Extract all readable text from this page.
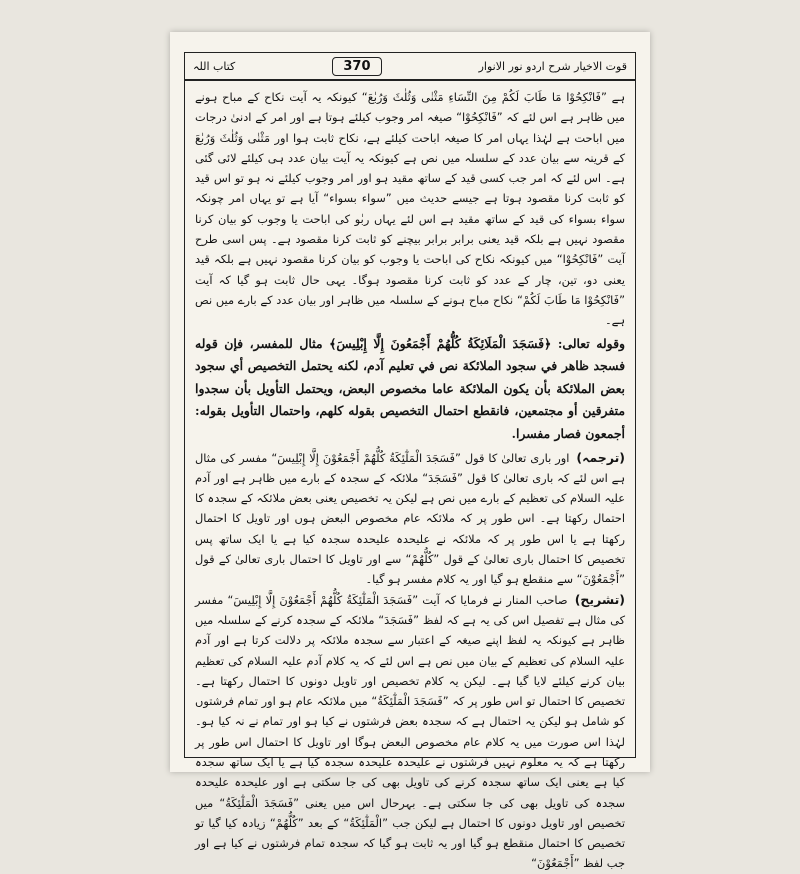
کتاب اللہ	370	قوت الاخیار شرح اردو نور الانوار

ہے ”فَانْکِحُوْا مَا طَابَ لَکُمْ مِنَ النِّسَاءِ مَثْنٰی وَثُلٰثَ وَرُبٰعَ“ کیونکہ یہ آیت نکاح کے مباح ہونے میں ظاہر ہے اس لئے کہ ”فَانْکِحُوْا“ صیغہ امر وجوب کیلئے ہوتا ہے اور امر کے ادنیٰ درجات میں اباحت ہے لہٰذا یہاں امر کا صیغہ اباحت کیلئے ہے، نکاح ثابت ہوا اور مَثْنٰی وَثُلٰثَ وَرُبٰعَ کے قرینہ سے بیان عدد کے سلسلہ میں نص ہے کیونکہ یہ آیت بیان عدد ہی کیلئے لائی گئی ہے۔ اس لئے کہ امر جب کسی قید کے ساتھ مقید ہو اور امر وجوب کیلئے نہ ہو تو اس قید کو ثابت کرنا مقصود ہوتا ہے جیسے حدیث میں ”سواء بسواء“ آیا ہے تو یہاں امر چونکہ سواء بسواء کی قید کے ساتھ مقید ہے اس لئے یہاں ربٰو کی اباحت یا وجوب کو بیان کرنا مقصود نہیں ہے بلکہ قید یعنی برابر برابر بیچنے کو ثابت کرنا مقصود ہے۔ پس اسی طرح آیت ”فَانْکِحُوْا“ میں کیونکہ نکاح کی اباحت یا وجوب کو بیان کرنا مقصود نہیں ہے بلکہ قید یعنی دو، تین، چار کے عدد کو ثابت کرنا مقصود ہوگا۔ یہی حال ثابت ہو گیا کہ آیت ”فَانْکِحُوْا مَا طَابَ لَکُمْ“ نکاح مباح ہونے کے سلسلہ میں ظاہر اور بیان عدد کے بارے میں نص ہے۔

وقوله تعالى: ﴿فَسَجَدَ الْمَلَائِكَةُ كُلُّهُمْ أَجْمَعُونَ إِلَّا إِبْلِيسَ﴾ مثال للمفسر، فإن قوله فسجد ظاهر في سجود الملائكة نص في تعليم آدم، لكنه يحتمل التخصيص أي سجود بعض الملائكة بأن يكون الملائكة عاما مخصوص البعض، ويحتمل التأويل بأن سجدوا متفرقين أو مجتمعين، فانقطع احتمال التخصيص بقوله كلهم، واحتمال التأويل بقوله: أجمعون فصار مفسرا.

(ترجمہ) اور باری تعالیٰ کا قول ”فَسَجَدَ الْمَلٰٓئِكَةُ كُلُّهُمْ أَجْمَعُوْنَ إِلَّا إِبْلِيسَ“ مفسر کی مثال ہے اس لئے کہ باری تعالیٰ کا قول ”فَسَجَدَ“ ملائکہ کے سجدہ کے بارے میں ظاہر ہے اور آدم علیہ السلام کی تعظیم کے بارے میں نص ہے لیکن یہ تخصیص یعنی بعض ملائکہ کے سجدہ کا احتمال رکھتا ہے۔ اس طور پر کہ ملائکہ عام مخصوص البعض ہوں اور تاویل کا احتمال رکھتا ہے یا اس طور پر کہ ملائکہ نے علیحدہ علیحدہ سجدہ کیا ہے یا ایک ساتھ پس تخصیص کا احتمال باری تعالیٰ کے قول ”كُلُّهُمْ“ سے اور تاویل کا احتمال باری تعالیٰ کے قول ”أَجْمَعُوْنَ“ سے منقطع ہو گیا اور یہ کلام مفسر ہو گیا۔

(تشریح) صاحب المنار نے فرمایا کہ آیت ”فَسَجَدَ الْمَلٰٓئِكَةُ كُلُّهُمْ أَجْمَعُوْنَ إِلَّا إِبْلِيسَ“ مفسر کی مثال ہے تفصیل اس کی یہ ہے کہ لفظ ”فَسَجَدَ“ ملائکہ کے سجدہ کرنے کے سلسلہ میں ظاہر ہے کیونکہ یہ لفظ اپنے صیغہ کے اعتبار سے سجدہ ملائکہ پر دلالت کرتا ہے اور آدم علیہ السلام کی تعظیم کے بیان میں نص ہے اس لئے کہ یہ کلام آدم علیہ السلام کی تعظیم بیان کرنے کیلئے لایا گیا ہے۔ لیکن یہ کلام تخصیص اور تاویل دونوں کا احتمال رکھتا ہے۔ تخصیص کا احتمال تو اس طور پر کہ ”فَسَجَدَ الْمَلٰٓئِكَةُ“ میں ملائکہ عام ہو اور تمام فرشتوں کو شامل ہو لیکن یہ احتمال ہے کہ سجدہ بعض فرشتوں نے کیا ہو اور تمام نے نہ کیا ہو۔ لہٰذا اس صورت میں یہ کلام عام مخصوص البعض ہوگا اور تاویل کا احتمال اس طور پر رکھتا ہے کہ یہ معلوم نہیں فرشتوں نے علیحدہ علیحدہ سجدہ کیا ہے یا ایک ساتھ سجدہ کیا ہے یعنی ایک ساتھ سجدہ کرنے کی تاویل بھی کی جا سکتی ہے اور علیحدہ علیحدہ سجدہ کی تاویل بھی کی جا سکتی ہے۔ بہرحال اس میں یعنی ”فَسَجَدَ الْمَلٰٓئِكَةُ“ میں تخصیص اور تاویل دونوں کا احتمال ہے لیکن جب ”الْمَلٰٓئِكَةُ“ کے بعد ”كُلُّهُمْ“ زیادہ کیا گیا تو تخصیص کا احتمال منقطع ہو گیا اور یہ ثابت ہو گیا کہ سجدہ تمام فرشتوں نے کیا ہے اور جب لفظ ”أَجْمَعُوْنَ“
